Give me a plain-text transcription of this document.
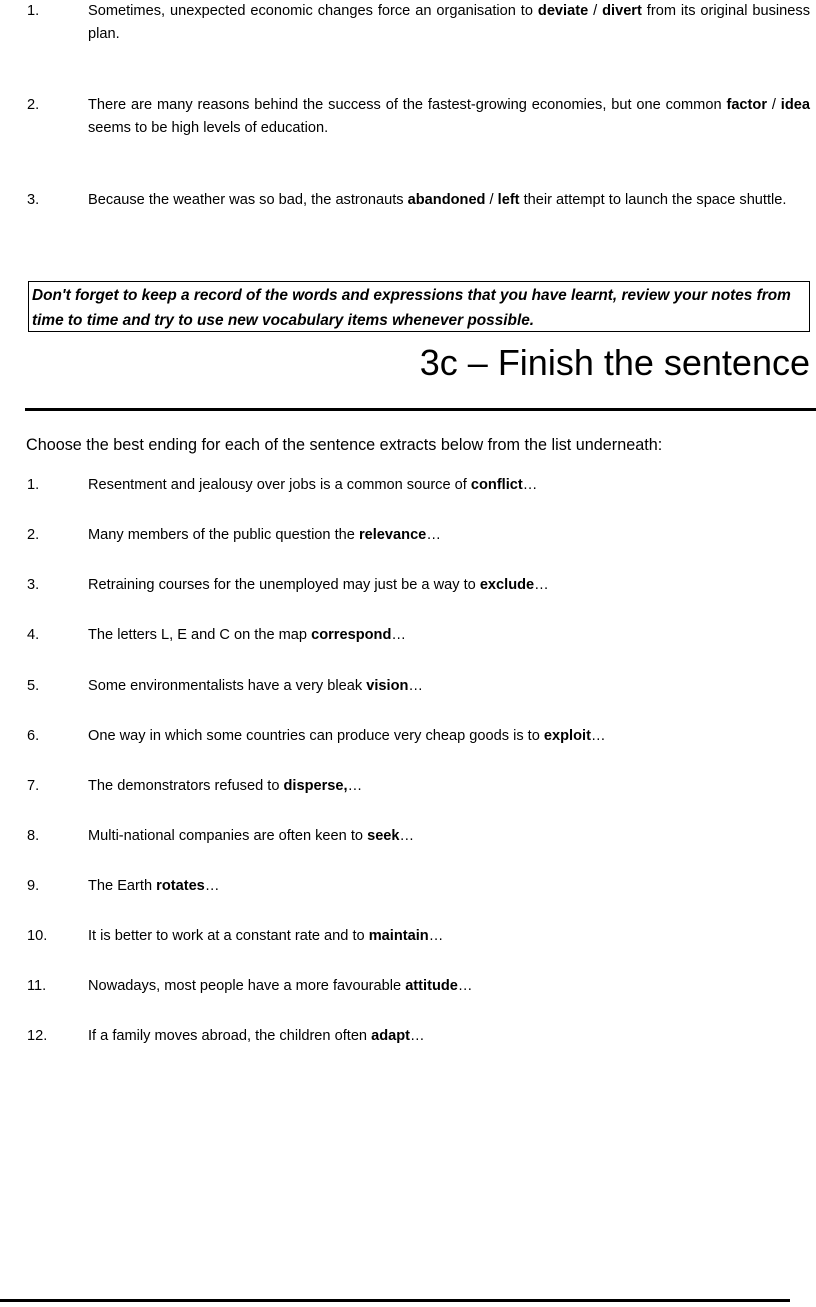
1.	Sometimes, unexpected economic changes force an organisation to deviate / divert from its original business plan.
2.	There are many reasons behind the success of the fastest-growing economies, but one common factor / idea seems to be high levels of education.
3.	Because the weather was so bad, the astronauts abandoned / left their attempt to launch the space shuttle.
Don't forget to keep a record of the words and expressions that you have learnt, review your notes from time to time and try to use new vocabulary items whenever possible.
3c – Finish the sentence
Choose the best ending for each of the sentence extracts below from the list underneath:
1.	Resentment and jealousy over jobs is a common source of conflict…
2.	Many members of the public question the relevance…
3.	Retraining courses for the unemployed may just be a way to exclude…
4.	The letters L, E and C on the map correspond…
5.	Some environmentalists have a very bleak vision…
6.	One way in which some countries can produce very cheap goods is to exploit…
7.	The demonstrators refused to disperse,…
8.	Multi-national companies are often keen to seek…
9.	The Earth rotates…
10.	It is better to work at a constant rate and to maintain…
11.	Nowadays, most people have a more favourable attitude…
12.	If a family moves abroad, the children often adapt…
